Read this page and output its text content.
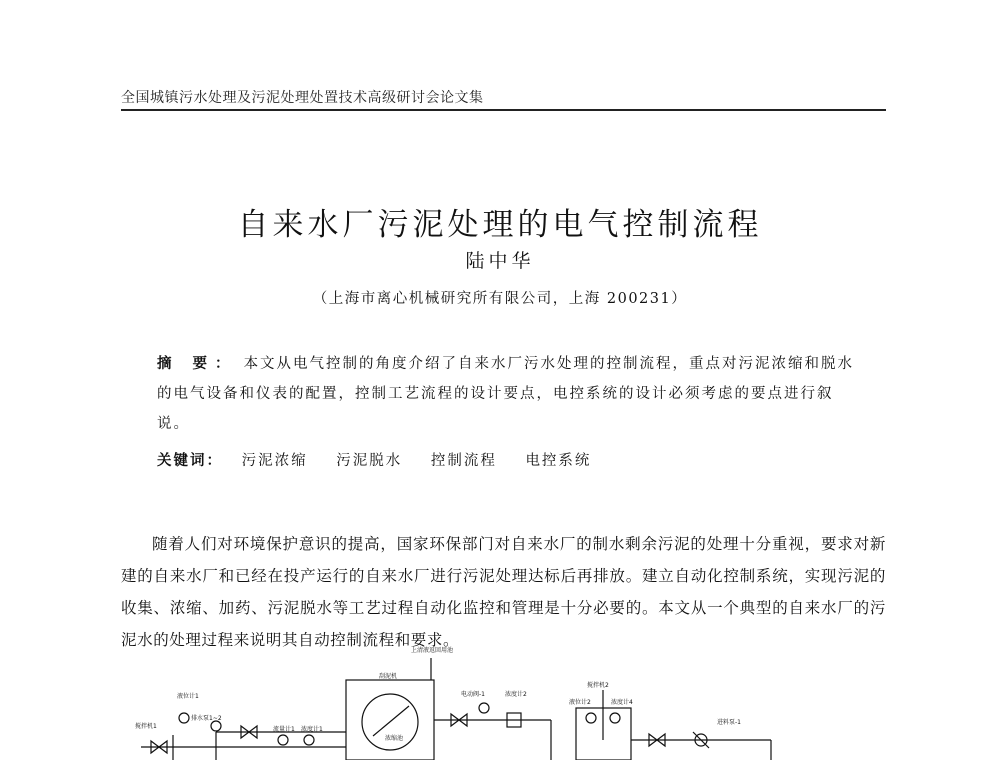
全国城镇污水处理及污泥处理处置技术高级研讨会论文集
自来水厂污泥处理的电气控制流程
陆中华
（上海市离心机械研究所有限公司，上海 200231）
摘 要： 本文从电气控制的角度介绍了自来水厂污水处理的控制流程，重点对污泥浓缩和脱水的电气设备和仪表的配置，控制工艺流程的设计要点，电控系统的设计必须考虑的要点进行叙说。
关键词： 污泥浓缩 污泥脱水 控制流程 电控系统

随着人们对环境保护意识的提高，国家环保部门对自来水厂的制水剩余污泥的处理十分重视，要求对新建的自来水厂和已经在投产运行的自来水厂进行污泥处理达标后再排放。建立自动化控制系统，实现污泥的收集、浓缩、加药、污泥脱水等工艺过程自动化监控和管理是十分必要的。本文从一个典型的自来水厂的污泥水的处理过程来说明其自动控制流程和要求。

上清液返回用池
液位计1
排水泵1~2
搅拌机1	流量计1 浓度计1
浓缩池
刮泥机
电动阀-1	浓度计2
搅拌机2
液位计2	浓度计4
进料泵-1
